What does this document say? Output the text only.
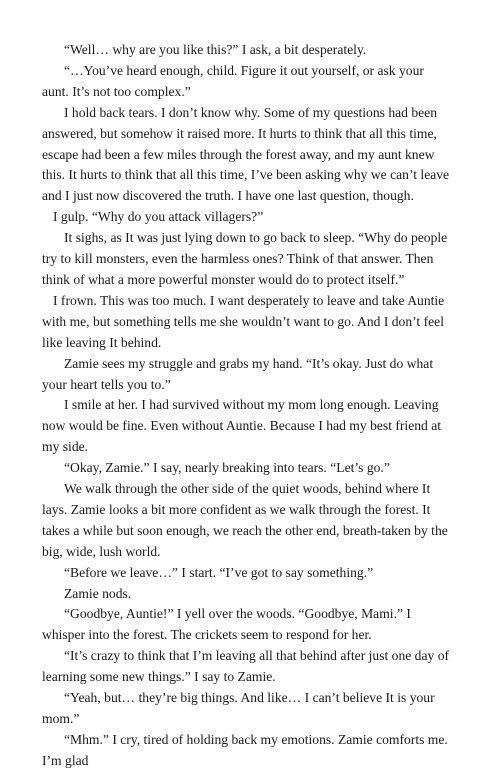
“Well… why are you like this?” I ask, a bit desperately.

“…You’ve heard enough, child. Figure it out yourself, or ask your aunt. It’s not too complex.”

I hold back tears. I don’t know why. Some of my questions had been answered, but somehow it raised more. It hurts to think that all this time, escape had been a few miles through the forest away, and my aunt knew this. It hurts to think that all this time, I’ve been asking why we can’t leave and I just now discovered the truth. I have one last question, though.

I gulp. “Why do you attack villagers?”

It sighs, as It was just lying down to go back to sleep. “Why do people try to kill monsters, even the harmless ones? Think of that answer. Then think of what a more powerful monster would do to protect itself.”

I frown. This was too much. I want desperately to leave and take Auntie with me, but something tells me she wouldn’t want to go. And I don’t feel like leaving It behind.

Zamie sees my struggle and grabs my hand. “It’s okay. Just do what your heart tells you to.”

I smile at her. I had survived without my mom long enough. Leaving now would be fine. Even without Auntie. Because I had my best friend at my side.

“Okay, Zamie.” I say, nearly breaking into tears. “Let’s go.”

We walk through the other side of the quiet woods, behind where It lays. Zamie looks a bit more confident as we walk through the forest. It takes a while but soon enough, we reach the other end, breath-taken by the big, wide, lush world.

“Before we leave…” I start. “I’ve got to say something.”

Zamie nods.

“Goodbye, Auntie!” I yell over the woods. “Goodbye, Mami.” I whisper into the forest. The crickets seem to respond for her.

“It’s crazy to think that I’m leaving all that behind after just one day of learning some new things.” I say to Zamie.

“Yeah, but… they’re big things. And like… I can’t believe It is your mom.”

“Mhm.” I cry, tired of holding back my emotions. Zamie comforts me. I’m glad
